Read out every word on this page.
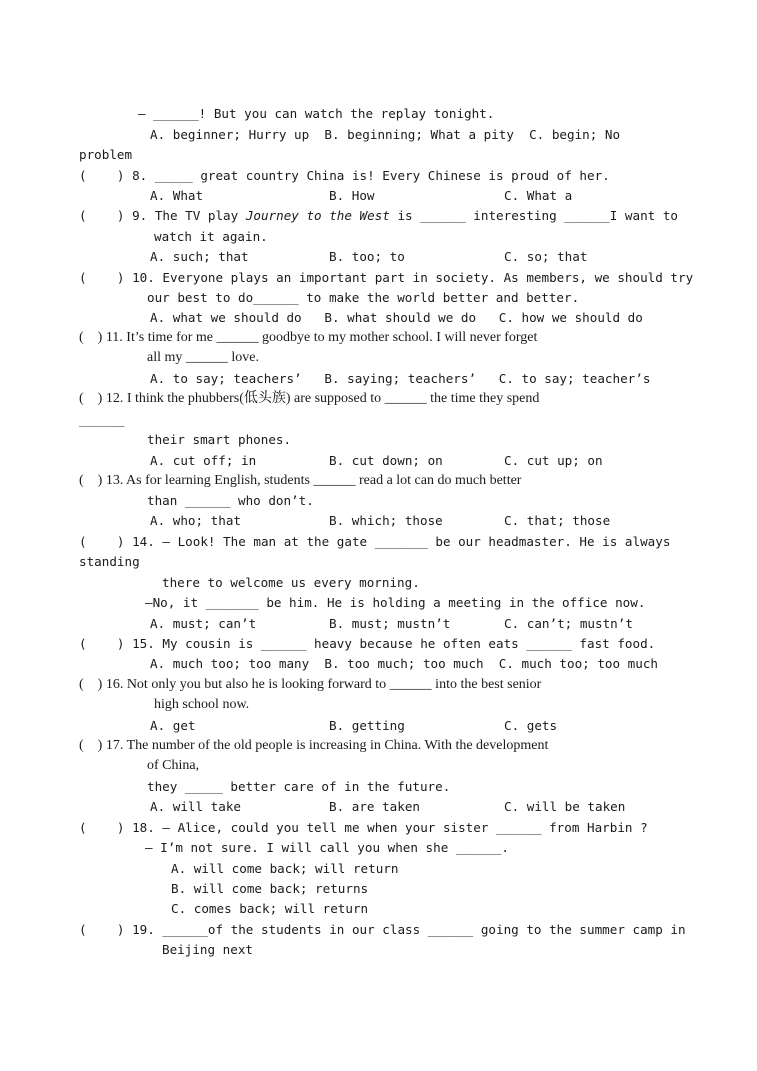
— ______! But you can watch the replay tonight.
A. beginner; Hurry up  B. beginning; What a pity  C. begin; No
problem
(    ) 8. _____ great country China is! Every Chinese is proud of her.
A. What	B. How	C. What a
(    ) 9. The TV play Journey to the West is ______ interesting ______I want to
watch it again.
A. such; that	B. too; to	C. so; that
(    ) 10. Everyone plays an important part in society. As members, we should try
our best to do______ to make the world better and better.
A. what we should do   B. what should we do   C. how we should do
(    ) 11. It’s time for me ______ goodbye to my mother school. I will never forget
all my ______ love.
A. to say; teachers’   B. saying; teachers’   C. to say; teacher’s
(    ) 12. I think the phubbers(低头族) are supposed to ______ the time they spend
______
their smart phones.
A. cut off; in	B. cut down; on	C. cut up; on
(    ) 13. As for learning English, students ______ read a lot can do much better
than ______ who don’t.
A. who; that	B. which; those	C. that; those
(    ) 14. — Look! The man at the gate _______ be our headmaster. He is always
standing
there to welcome us every morning.
—No, it _______ be him. He is holding a meeting in the office now.
A. must; can’t	B. must; mustn’t	C. can’t; mustn’t
(    ) 15. My cousin is ______ heavy because he often eats ______ fast food.
A. much too; too many  B. too much; too much  C. much too; too much
(    ) 16. Not only you but also he is looking forward to ______ into the best senior
high school now.
A. get	B. getting	C. gets
(    ) 17. The number of the old people is increasing in China. With the development
of China,
they _____ better care of in the future.
A. will take	B. are taken	C. will be taken
(    ) 18. — Alice, could you tell me when your sister ______ from Harbin ?
— I’m not sure. I will call you when she ______.
A. will come back; will return
B. will come back; returns
C. comes back; will return
(    ) 19. ______of the students in our class ______ going to the summer camp in
Beijing next
